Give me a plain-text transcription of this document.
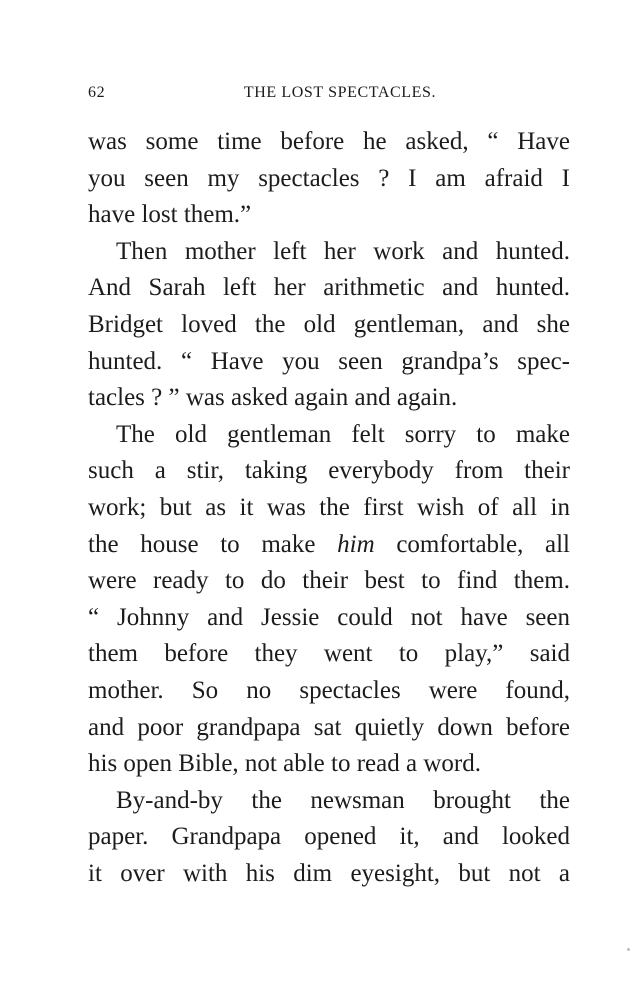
62	THE LOST SPECTACLES.
was some time before he asked, “ Have
you seen my spectacles ? I am afraid I
have lost them.”
Then mother left her work and hunted.
And Sarah left her arithmetic and hunted.
Bridget loved the old gentleman, and she
hunted. “ Have you seen grandpa’s spec-
tacles ? ” was asked again and again.
The old gentleman felt sorry to make
such a stir, taking everybody from their
work; but as it was the first wish of all in
the house to make him comfortable, all
were ready to do their best to find them.
“ Johnny and Jessie could not have seen
them before they went to play,” said
mother. So no spectacles were found,
and poor grandpapa sat quietly down before
his open Bible, not able to read a word.
By-and-by the newsman brought the
paper. Grandpapa opened it, and looked
it over with his dim eyesight, but not a
